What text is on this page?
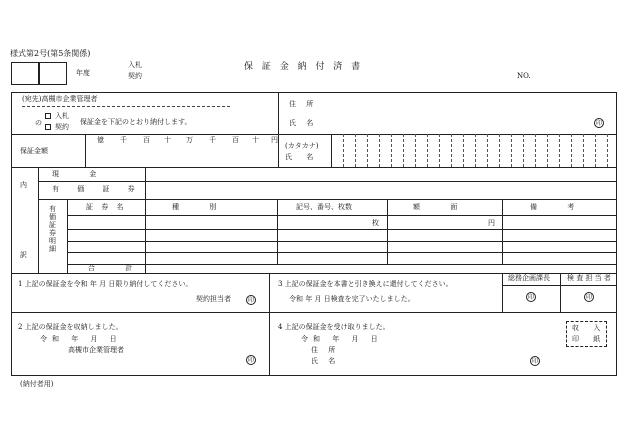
様式第2号(第5条関係)
年度
入札
契約
保 証 金 納 付 済 書
NO.
(宛先)高槻市企業管理者
の
入札
契約
保証金を下記のとおり納付します。
住 所
氏 名	印
保証金額
億 千 百 十 万 千 百 十 円
(カタカナ)
氏 名
内
訳
現 金
有 価 証 券
有価証券明細
証 券 名	種 別	記号、番号、枚数	額 面	備 考
枚	円
合 計
1 上記の保証金を令和 年 月 日限り納付してください。
契約担当者	印
3 上記の保証金を本書と引き換えに還付してください。
令和 年 月 日検査を完了いたしました。
総務企画課長 検 査 担 当 者
印	印
2 上記の保証金を収納しました。
令和 年 月 日
高槻市企業管理者
印
4 上記の保証金を受け取りました。
令和 年 月 日
住 所
氏 名	印
収 入
印 紙
(納付者用)
